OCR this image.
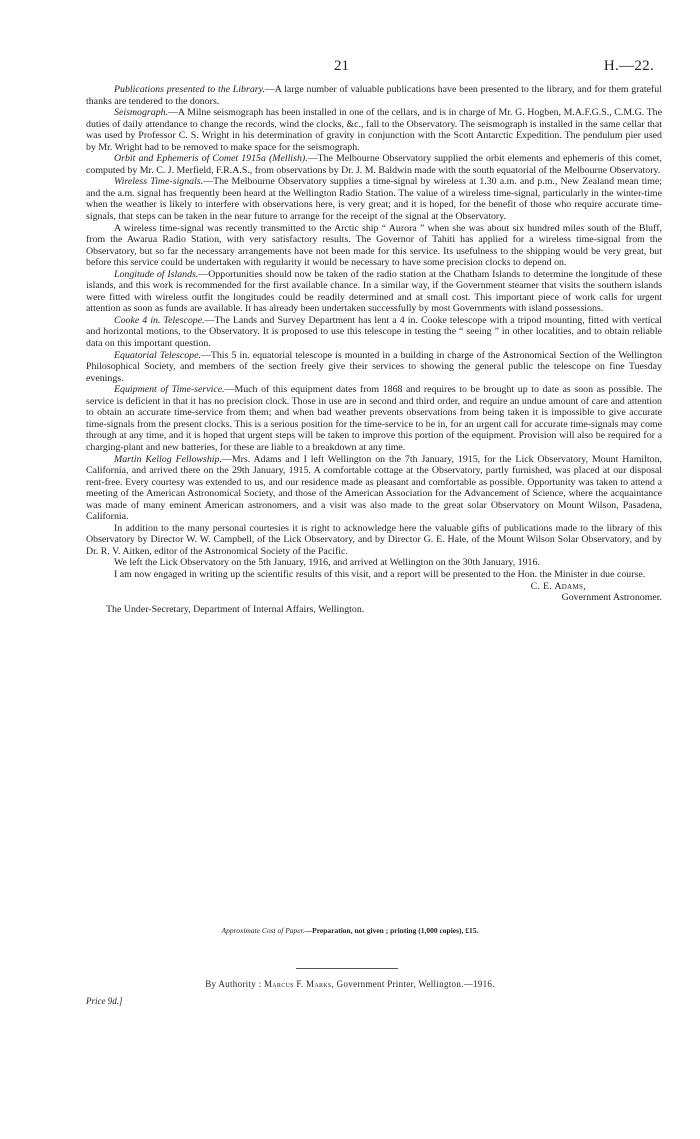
21	H.—22.

Publications presented to the Library.—A large number of valuable publications have been presented to the library, and for them grateful thanks are tendered to the donors.

Seismograph.—A Milne seismograph has been installed in one of the cellars, and is in charge of Mr. G. Hogben, M.A.F.G.S., C.M.G. The duties of daily attendance to change the records, wind the clocks, &c., fall to the Observatory. The seismograph is installed in the same cellar that was used by Professor C. S. Wright in his determination of gravity in conjunction with the Scott Antarctic Expedition. The pendulum pier used by Mr. Wright had to be removed to make space for the seismograph.

Orbit and Ephemeris of Comet 1915a (Mellish).—The Melbourne Observatory supplied the orbit elements and ephemeris of this comet, computed by Mr. C. J. Merfield, F.R.A.S., from observations by Dr. J. M. Baldwin made with the south equatorial of the Melbourne Observatory.

Wireless Time-signals.—The Melbourne Observatory supplies a time-signal by wireless at 1.30 a.m. and p.m., New Zealand mean time; and the a.m. signal has frequently been heard at the Wellington Radio Station. The value of a wireless time-signal, particularly in the winter-time when the weather is likely to interfere with observations here, is very great; and it is hoped, for the benefit of those who require accurate time-signals, that steps can be taken in the near future to arrange for the receipt of the signal at the Observatory.

A wireless time-signal was recently transmitted to the Arctic ship “ Aurora ” when she was about six hundred miles south of the Bluff, from the Awarua Radio Station, with very satisfactory results. The Governor of Tahiti has applied for a wireless time-signal from the Observatory, but so far the necessary arrangements have not been made for this service. Its usefulness to the shipping would be very great, but before this service could be undertaken with regularity it would be necessary to have some precision clocks to depend on.

Longitude of Islands.—Opportunities should now be taken of the radio station at the Chatham Islands to determine the longitude of these islands, and this work is recommended for the first available chance. In a similar way, if the Government steamer that visits the southern islands were fitted with wireless outfit the longitudes could be readily determined and at small cost. This important piece of work calls for urgent attention as soon as funds are available. It has already been undertaken successfully by most Governments with island possessions.

Cooke 4 in. Telescope.—The Lands and Survey Department has lent a 4 in. Cooke telescope with a tripod mounting, fitted with vertical and horizontal motions, to the Observatory. It is proposed to use this telescope in testing the “ seeing ” in other localities, and to obtain reliable data on this important question.

Equatorial Telescope.—This 5 in. equatorial telescope is mounted in a building in charge of the Astronomical Section of the Wellington Philosophical Society, and members of the section freely give their services to showing the general public the telescope on fine Tuesday evenings.

Equipment of Time-service.—Much of this equipment dates from 1868 and requires to be brought up to date as soon as possible. The service is deficient in that it has no precision clock. Those in use are in second and third order, and require an undue amount of care and attention to obtain an accurate time-service from them; and when bad weather prevents observations from being taken it is impossible to give accurate time-signals from the present clocks. This is a serious position for the time-service to be in, for an urgent call for accurate time-signals may come through at any time, and it is hoped that urgent steps will be taken to improve this portion of the equipment. Provision will also be required for a charging-plant and new batteries, for these are liable to a breakdown at any time.

Martin Kellog Fellowship.—Mrs. Adams and I left Wellington on the 7th January, 1915, for the Lick Observatory, Mount Hamilton, California, and arrived there on the 29th January, 1915. A comfortable cottage at the Observatory, partly furnished, was placed at our disposal rent-free. Every courtesy was extended to us, and our residence made as pleasant and comfortable as possible. Opportunity was taken to attend a meeting of the American Astronomical Society, and those of the American Association for the Advancement of Science, where the acquaintance was made of many eminent American astronomers, and a visit was also made to the great solar Observatory on Mount Wilson, Pasadena, California.

In addition to the many personal courtesies it is right to acknowledge here the valuable gifts of publications made to the library of this Observatory by Director W. W. Campbell, of the Lick Observatory, and by Director G. E. Hale, of the Mount Wilson Solar Observatory, and by Dr. R. V. Aitken, editor of the Astronomical Society of the Pacific.

We left the Lick Observatory on the 5th January, 1916, and arrived at Wellington on the 30th January, 1916.

I am now engaged in writing up the scientific results of this visit, and a report will be presented to the Hon. the Minister in due course.

C. E. Adams,
Government Astronomer.
The Under-Secretary, Department of Internal Affairs, Wellington.
Approximate Cost of Paper.—Preparation, not given ; printing (1,000 copies), £15.
By Authority : Marcus F. Marks, Government Printer, Wellington.—1916.
Price 9d.]
